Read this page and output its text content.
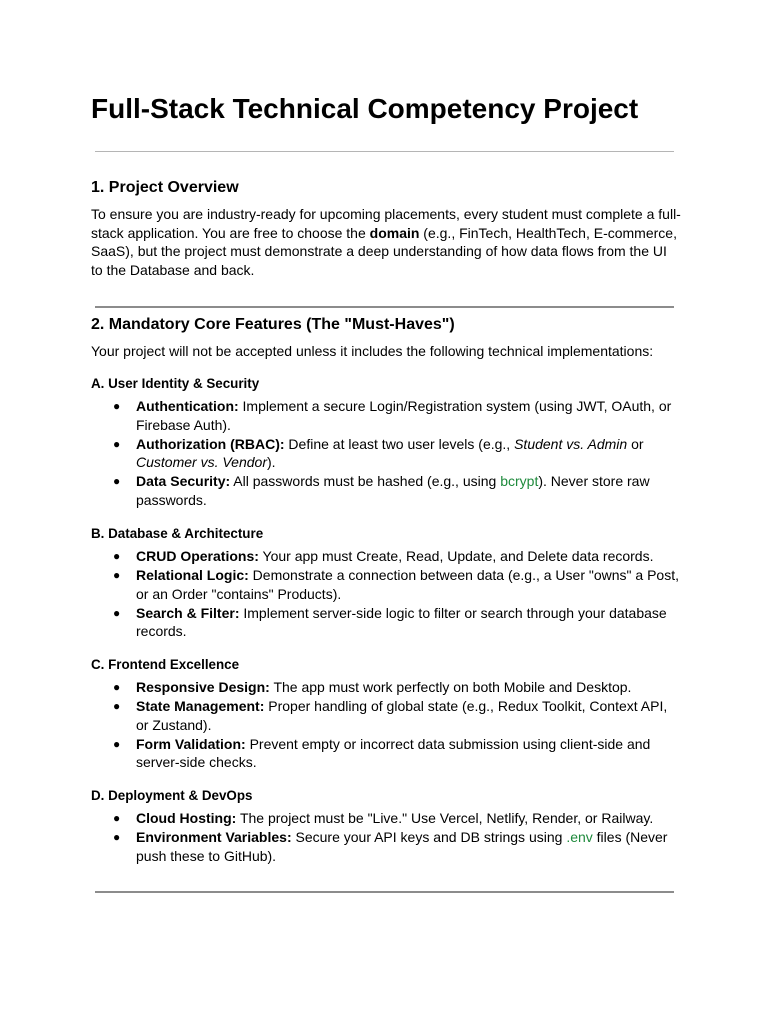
Full-Stack Technical Competency Project
1. Project Overview

To ensure you are industry-ready for upcoming placements, every student must complete a full-stack application. You are free to choose the domain (e.g., FinTech, HealthTech, E-commerce, SaaS), but the project must demonstrate a deep understanding of how data flows from the UI to the Database and back.

2. Mandatory Core Features (The "Must-Haves")

Your project will not be accepted unless it includes the following technical implementations:

A. User Identity & Security
● Authentication: Implement a secure Login/Registration system (using JWT, OAuth, or Firebase Auth).
● Authorization (RBAC): Define at least two user levels (e.g., Student vs. Admin or Customer vs. Vendor).
● Data Security: All passwords must be hashed (e.g., using bcrypt). Never store raw passwords.
B. Database & Architecture
● CRUD Operations: Your app must Create, Read, Update, and Delete data records.
● Relational Logic: Demonstrate a connection between data (e.g., a User "owns" a Post, or an Order "contains" Products).
● Search & Filter: Implement server-side logic to filter or search through your database records.
C. Frontend Excellence
● Responsive Design: The app must work perfectly on both Mobile and Desktop.
● State Management: Proper handling of global state (e.g., Redux Toolkit, Context API, or Zustand).
● Form Validation: Prevent empty or incorrect data submission using client-side and server-side checks.
D. Deployment & DevOps
● Cloud Hosting: The project must be "Live." Use Vercel, Netlify, Render, or Railway.
● Environment Variables: Secure your API keys and DB strings using .env files (Never push these to GitHub).
